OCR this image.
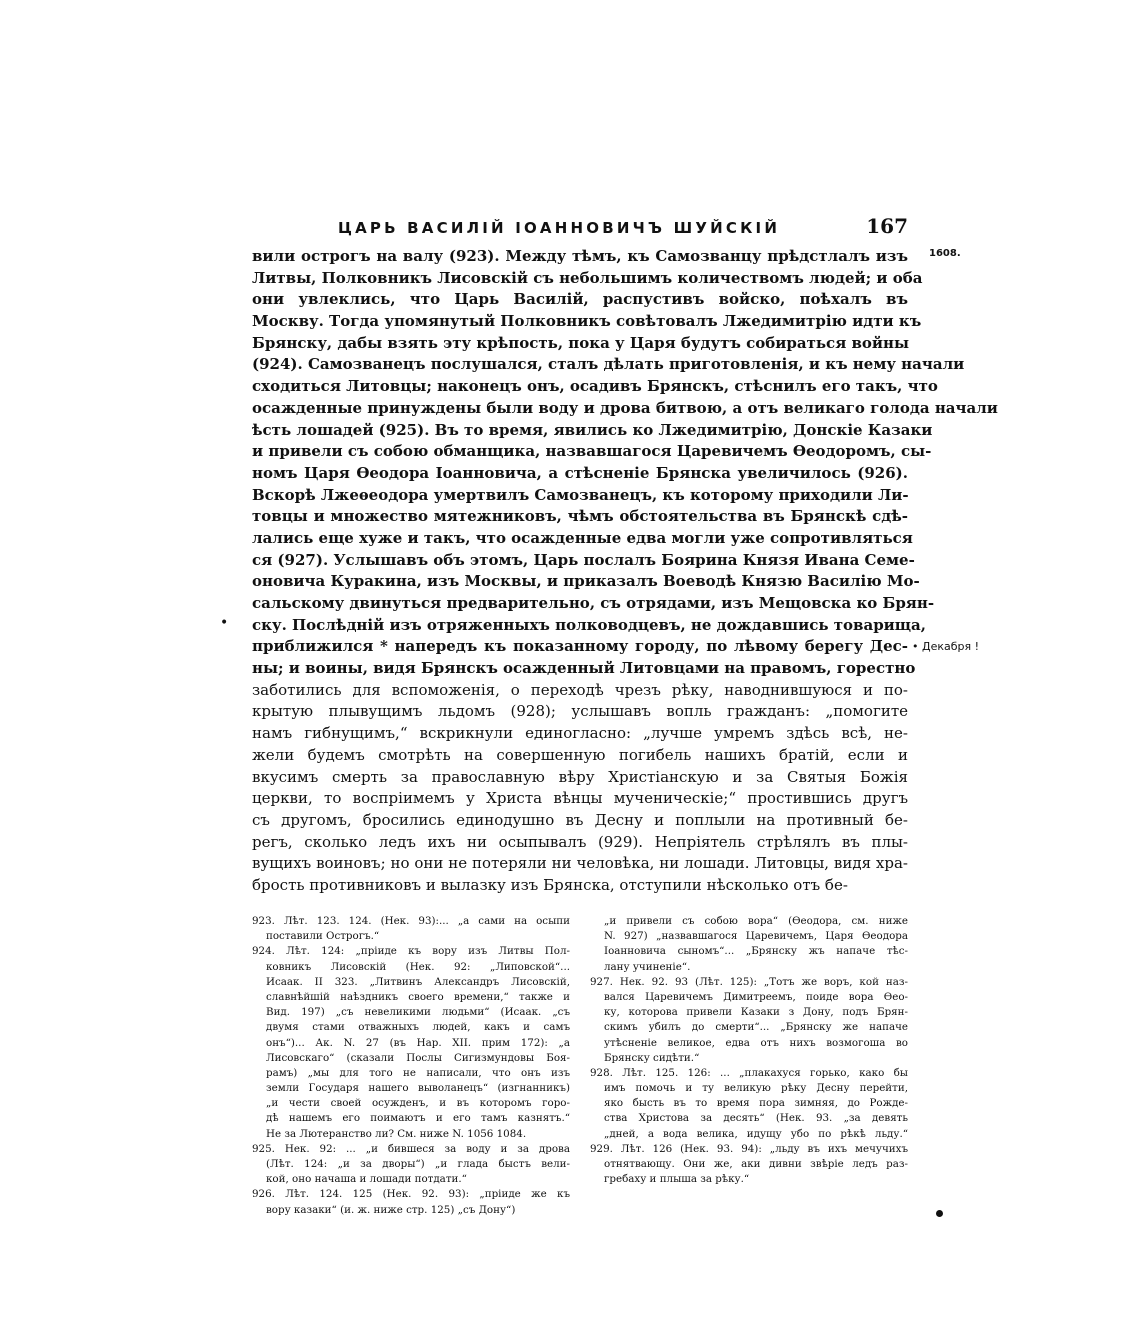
ЦАРЬ ВАСИЛІЙ ІОАННОВИЧЪ ШУЙСКІЙ	167
1608.
•
• Декабря !
вили острогъ на валу (923). Между тѣмъ, къ Самозванцу прѣдстлалъ изъ
Литвы, Полковникъ Лисовскій съ небольшимъ количествомъ людей; и оба
они увлеклись, что Царь Василій, распустивъ войско, поѣхалъ въ
Москву. Тогда упомянутый Полковникъ совѣтовалъ Лжедимитрію идти къ
Брянску, дабы взять эту крѣпость, пока у Царя будутъ собираться войны
(924). Самозванецъ послушался, сталъ дѣлать приготовленія, и къ нему начали
сходиться Литовцы; наконецъ онъ, осадивъ Брянскъ, стѣснилъ его такъ, что
осажденные принуждены были воду и дрова битвою, а отъ великаго голода начали
ѣсть лошадей (925). Въ то время, явились ко Лжедимитрію, Донскіе Казаки
и привели съ собою обманщика, назвавшагося Царевичемъ Ѳеодоромъ, сы-
номъ Царя Ѳеодора Іоанновича, а стѣсненіе Брянска увеличилось (926).
Вскорѣ Лжеѳеодора умертвилъ Самозванецъ, къ которому приходили Ли-
товцы и множество мятежниковъ, чѣмъ обстоятельства въ Брянскѣ сдѣ-
лались еще хуже и такъ, что осажденные едва могли уже сопротивляться
ся (927). Услышавъ объ этомъ, Царь послалъ Боярина Князя Ивана Семе-
оновича Куракина, изъ Москвы, и приказалъ Воеводѣ Князю Василію Мо-
сальскому двинуться предварительно, съ отрядами, изъ Мещовска ко Брян-
ску. Послѣдній изъ отряженныхъ полководцевъ, не дождавшись товарища,
приближился * напередъ къ показанному городу, по лѣвому берегу Дес-
ны; и воины, видя Брянскъ осажденный Литовцами на правомъ, горестно
заботились для вспоможенія, о переходѣ чрезъ рѣку, наводнившуюся и по-
крытую плывущимъ льдомъ (928); услышавъ вопль гражданъ: „помогите
намъ гибнущимъ,“ вскрикнули единогласно: „лучше умремъ здѣсь всѣ, не-
жели будемъ смотрѣть на совершенную погибель нашихъ братій, если и
вкусимъ смерть за православную вѣру Христіанскую и за Святыя Божія
церкви, то воспріимемъ у Христа вѣнцы мученическіе;“ простившись другъ
съ другомъ, бросились единодушно въ Десну и поплыли на противный бе-
регъ, сколько ледъ ихъ ни осыпывалъ (929). Непріятель стрѣлялъ въ плы-
вущихъ воиновъ; но они не потеряли ни человѣка, ни лошади. Литовцы, видя хра-
брость противниковъ и вылазку изъ Брянска, отступили нѣсколько отъ бе-
923. Лѣт. 123. 124. (Нек. 93):... „а сами на осыпи
поставили Острогъ.“
924. Лѣт. 124: „пріиде къ вору изъ Литвы Пол-
ковникъ Лисовскій (Нек. 92: „Липовской“...
Исаак. II 323. „Литвинъ Александръ Лисовскій,
славнѣйшій наѣздникъ своего времени,“ также и
Вид. 197) „съ невеликими людьми“ (Исаак. „съ
двумя стами отважныхъ людей, какъ и самъ
онъ“)... Ак. N. 27 (въ Нар. XII. прим 172): „а
Лисовскаго“ (сказали Послы Сигизмундовы Боя-
рамъ) „мы для того не написали, что онъ изъ
земли Государя нашего выволанецъ“ (изгнанникъ)
„и чести своей осужденъ, и въ которомъ горо-
дѣ нашемъ его поимаютъ и его тамъ казнятъ.“
Не за Лютеранство ли? См. ниже N. 1056 1084.
925. Нек. 92: ... „и бившеся за воду и за дрова
(Лѣт. 124: „и за дворы“) „и глада быстъ вели-
кой, оно начаша и лошади потдати.“
926. Лѣт. 124. 125 (Нек. 92. 93): „пріиде же къ
вору казаки“ (и. ж. ниже стр. 125) „съ Дону“)
„и привели съ собою вора“ (Ѳеодора, см. ниже
N. 927) „назвавшагося Царевичемъ, Царя Ѳеодора
Іоанновича сыномъ“... „Брянску жъ напаче тѣс-
лану учиненіе“.
927. Нек. 92. 93 (Лѣт. 125): „Тотъ же воръ, кой наз-
вался Царевичемъ Димитреемъ, поиде вора Ѳео-
ку, которова привели Казаки з Дону, подъ Брян-
скимъ убилъ до смерти“... „Брянску же напаче
утѣсненіе великое, едва отъ нихъ возмогоша во
Брянску сидѣти.“
928. Лѣт. 125. 126: ... „плакахуся горько, како бы
имъ помочь и ту великую рѣку Десну перейти,
яко бысть въ то время пора зимняя, до Рожде-
ства Христова за десять“ (Нек. 93. „за девять
„дней, а вода велика, идущу убо по рѣкѣ льду.“
929. Лѣт. 126 (Нек. 93. 94): „льду въ ихъ мечучихъ
отнятвающу. Они же, аки дивни звѣріе ледъ раз-
гребаху и плыша за рѣку.“
